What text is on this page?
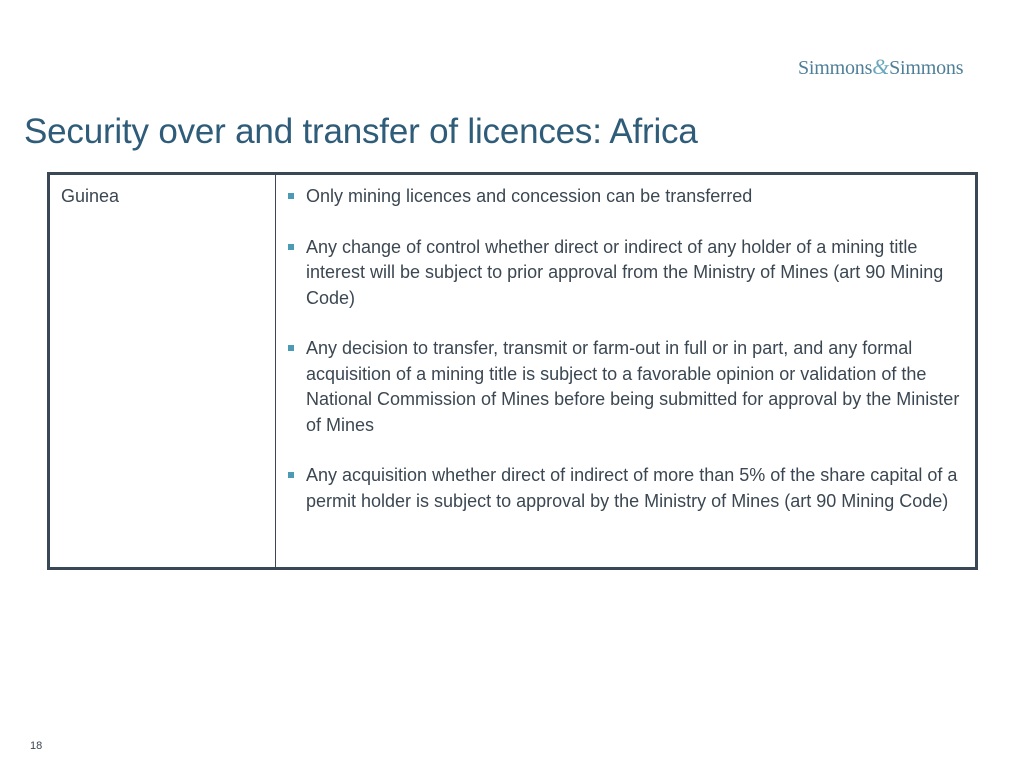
Simmons&Simmons
Security over and transfer of licences: Africa
Guinea	Only mining licences and concession can be transferred
Any change of control whether direct or indirect of any holder of a mining title interest will be subject to prior approval from the Ministry of Mines (art 90 Mining Code)
Any decision to transfer, transmit or farm-out in full or in part, and any formal acquisition of a mining title is subject to a favorable opinion or validation of the National Commission of Mines before being submitted for approval by the Minister of Mines
Any acquisition whether direct of indirect of more than 5% of the share capital of a permit holder is subject to approval by the Ministry of Mines (art 90 Mining Code)
18
